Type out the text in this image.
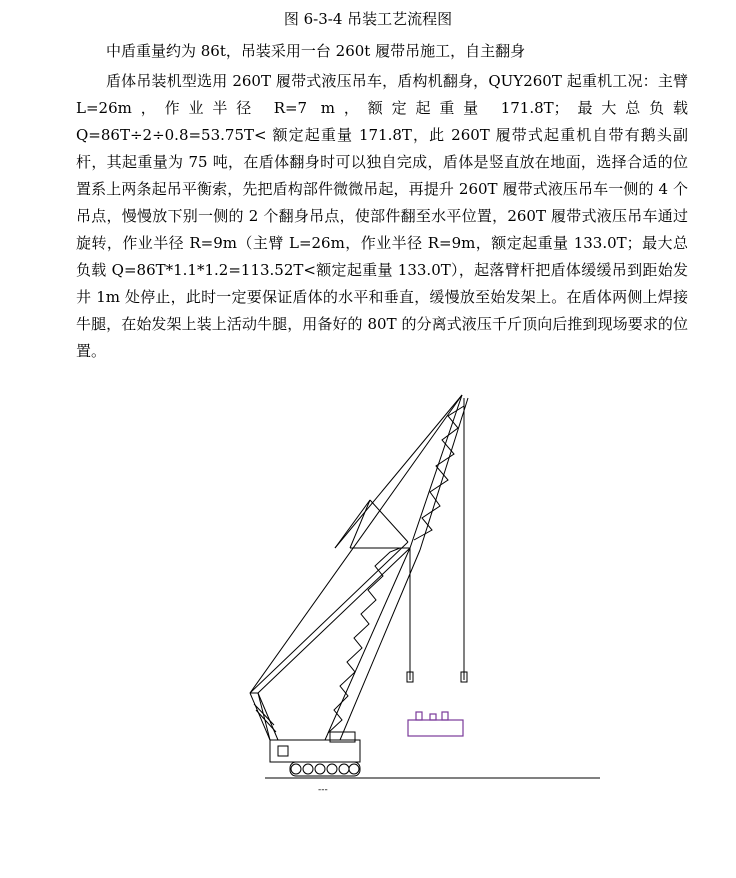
图 6-3-4 吊装工艺流程图

中盾重量约为 86t，吊装采用一台 260t 履带吊施工，自主翻身

盾体吊装机型选用 260T 履带式液压吊车，盾构机翻身，QUY260T 起重机工况：主臂 L=26m，作业半径 R=7 m，额定起重量 171.8T；最大总负载 Q=86T÷2÷0.8=53.75T< 额定起重量 171.8T，此 260T 履带式起重机自带有鹅头副杆，其起重量为 75 吨，在盾体翻身时可以独自完成，盾体是竖直放在地面，选择合适的位置系上两条起吊平衡索，先把盾构部件微微吊起，再提升 260T 履带式液压吊车一侧的 4 个吊点，慢慢放下别一侧的 2 个翻身吊点，使部件翻至水平位置，260T 履带式液压吊车通过旋转，作业半径 R=9m（主臂 L=26m，作业半径 R=9m，额定起重量 133.0T；最大总负载 Q=86T*1.1*1.2=113.52T<额定起重量 133.0T），起落臂杆把盾体缓缓吊到距始发井 1m 处停止，此时一定要保证盾体的水平和垂直，缓慢放至始发架上。在盾体两侧上焊接牛腿，在始发架上装上活动牛腿，用备好的 80T 的分离式液压千斤顶向后推到现场要求的位置。

---
